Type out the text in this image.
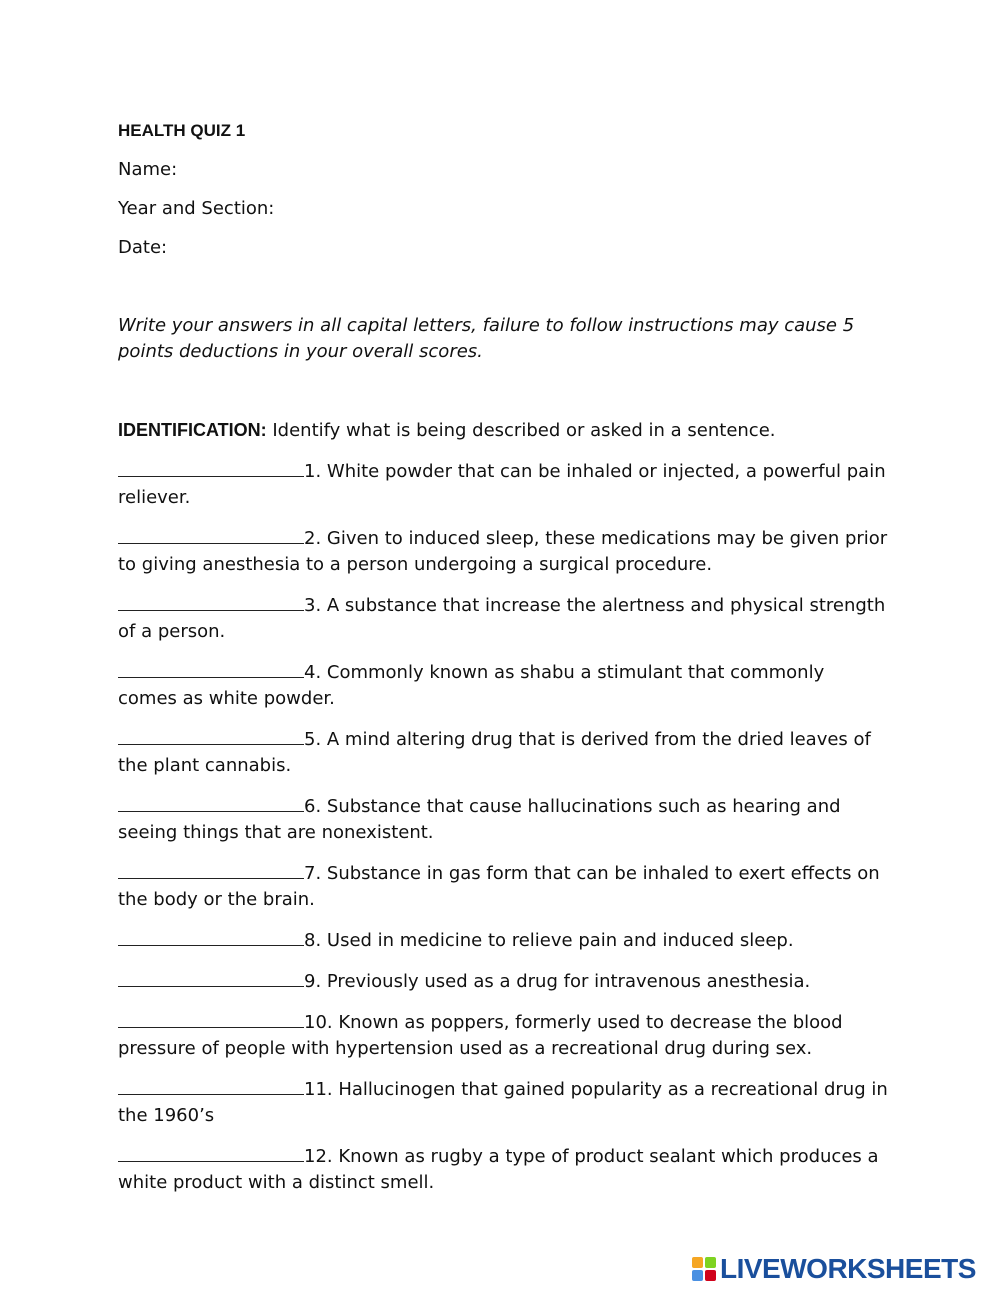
HEALTH QUIZ 1
Name:
Year and Section:
Date:
Write your answers in all capital letters, failure to follow instructions may cause 5 points deductions in your overall scores.
IDENTIFICATION: Identify what is being described or asked in a sentence.
1. White powder that can be inhaled or injected, a powerful pain reliever.
2. Given to induced sleep, these medications may be given prior to giving anesthesia to a person undergoing a surgical procedure.
3. A substance that increase the alertness and physical strength of a person.
4. Commonly known as shabu a stimulant that commonly comes as white powder.
5. A mind altering drug that is derived from the dried leaves of the plant cannabis.
6. Substance that cause hallucinations such as hearing and seeing things that are nonexistent.
7. Substance in gas form that can be inhaled to exert effects on the body or the brain.
8. Used in medicine to relieve pain and induced sleep.
9. Previously used as a drug for intravenous anesthesia.
10. Known as poppers, formerly used to decrease the blood pressure of people with hypertension used as a recreational drug during sex.
11. Hallucinogen that gained popularity as a recreational drug in the 1960’s
12. Known as rugby a type of product sealant which produces a white product with a distinct smell.
LIVEWORKSHEETS
